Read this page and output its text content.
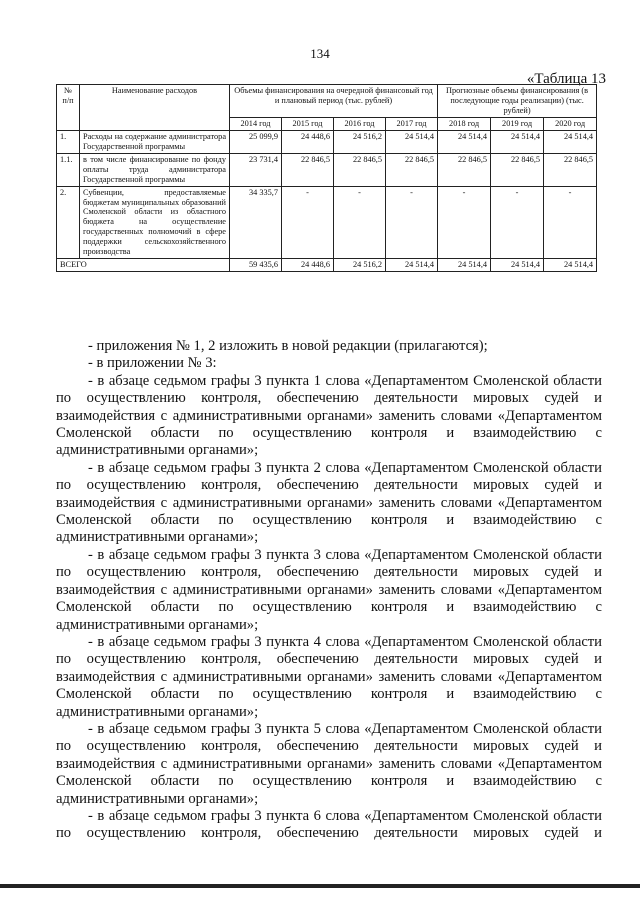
134
«Таблица 13
№ п/п	Наименование расходов	Объемы финансирования на очередной финансовый год и плановый период (тыс. рублей)				Прогнозные объемы финансирования (в последующие годы реализации) (тыс. рублей)		
		2014 год	2015 год	2016 год	2017 год	2018 год	2019 год	2020 год
1.	Расходы на содержание администратора Государственной программы	25 099,9	24 448,6	24 516,2	24 514,4	24 514,4	24 514,4	24 514,4
1.1.	в том числе финансирование по фонду оплаты труда администратора Государственной программы	23 731,4	22 846,5	22 846,5	22 846,5	22 846,5	22 846,5	22 846,5
2.	Субвенции, предоставляемые бюджетам муниципальных образований Смоленской области из областного бюджета на осуществление государственных полномочий в сфере поддержки сельскохозяйственного производства	34 335,7	-	-	-	-	-	-
ВСЕГО		59 435,6	24 448,6	24 516,2	24 514,4	24 514,4	24 514,4	24 514,4

- приложения № 1, 2 изложить в новой редакции (прилагаются);

- в приложении № 3:

- в абзаце седьмом графы 3 пункта 1 слова «Департаментом Смоленской области по осуществлению контроля, обеспечению деятельности мировых судей и взаимодействия с административными органами» заменить словами «Департаментом Смоленской области по осуществлению контроля и взаимодействию с административными органами»;

- в абзаце седьмом графы 3 пункта 2 слова «Департаментом Смоленской области по осуществлению контроля, обеспечению деятельности мировых судей и взаимодействия с административными органами» заменить словами «Департаментом Смоленской области по осуществлению контроля и взаимодействию с административными органами»;

- в абзаце седьмом графы 3 пункта 3 слова «Департаментом Смоленской области по осуществлению контроля, обеспечению деятельности мировых судей и взаимодействия с административными органами» заменить словами «Департаментом Смоленской области по осуществлению контроля и взаимодействию с административными органами»;

- в абзаце седьмом графы 3 пункта 4 слова «Департаментом Смоленской области по осуществлению контроля, обеспечению деятельности мировых судей и взаимодействия с административными органами» заменить словами «Департаментом Смоленской области по осуществлению контроля и взаимодействию с административными органами»;

- в абзаце седьмом графы 3 пункта 5 слова «Департаментом Смоленской области по осуществлению контроля, обеспечению деятельности мировых судей и взаимодействия с административными органами» заменить словами «Департаментом Смоленской области по осуществлению контроля и взаимодействию с административными органами»;

- в абзаце седьмом графы 3 пункта 6 слова «Департаментом Смоленской области по осуществлению контроля, обеспечению деятельности мировых судей и
